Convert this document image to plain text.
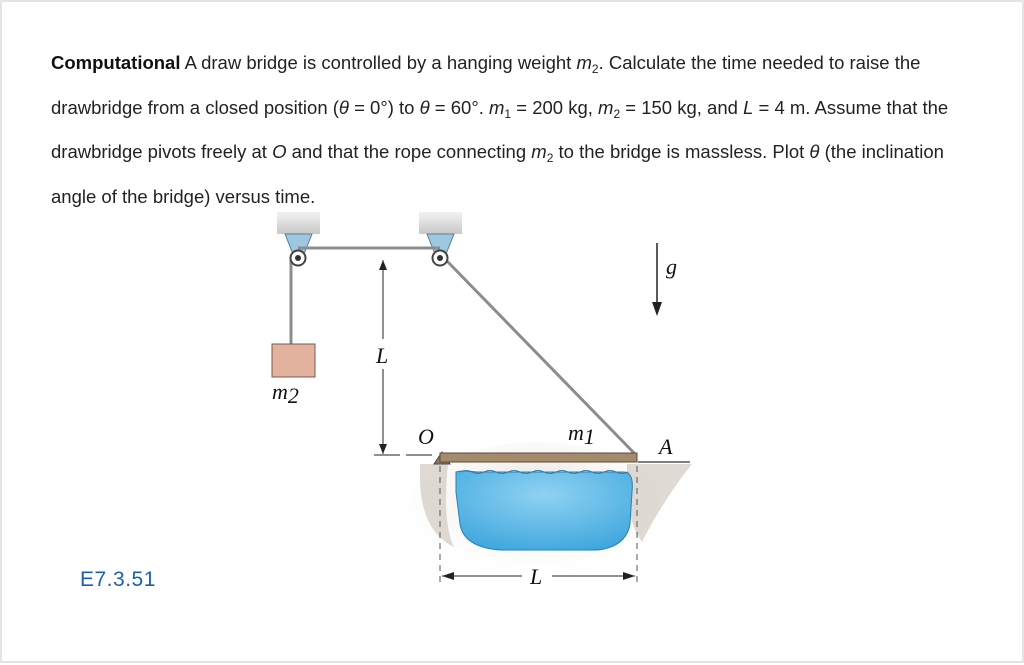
Computational A draw bridge is controlled by a hanging weight $m_2$. Calculate the time needed to raise the drawbridge from a closed position (θ = 0°) to θ = 60°. $m_1 = 200$ kg, $m_2 = 150$ kg, and L = 4 m. Assume that the drawbridge pivots freely at O and that the rope connecting $m_2$ to the bridge is massless. Plot θ (the inclination angle of the bridge) versus time.

m2
L
g
O	m1	A
L
E7.3.51
